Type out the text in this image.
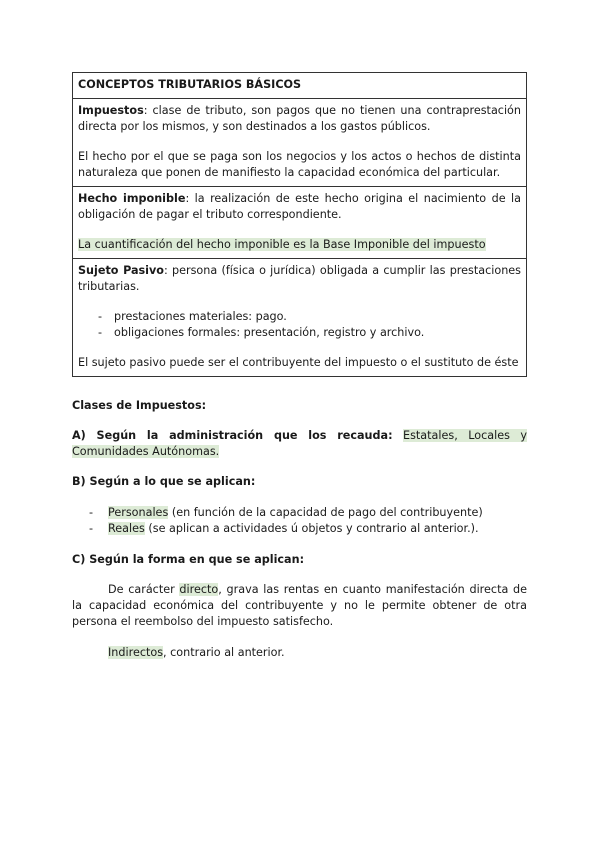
CONCEPTOS TRIBUTARIOS BÁSICOS
Impuestos: clase de tributo, son pagos que no tienen una contraprestación directa por los mismos, y son destinados a los gastos públicos.
El hecho por el que se paga son los negocios y los actos o hechos de distinta naturaleza que ponen de manifiesto la capacidad económica del particular.
Hecho imponible: la realización de este hecho origina el nacimiento de la obligación de pagar el tributo correspondiente.
La cuantificación del hecho imponible es la Base Imponible del impuesto
Sujeto Pasivo: persona (física o jurídica) obligada a cumplir las prestaciones tributarias.
- prestaciones materiales: pago.
- obligaciones formales: presentación, registro y archivo.
El sujeto pasivo puede ser el contribuyente del impuesto o el sustituto de éste
Clases de Impuestos:
A) Según la administración que los recauda: Estatales, Locales y Comunidades Autónomas.
B) Según a lo que se aplican:
- Personales (en función de la capacidad de pago del contribuyente)
- Reales (se aplican a actividades ú objetos y contrario al anterior.).
C) Según la forma en que se aplican:
De carácter directo, grava las rentas en cuanto manifestación directa de la capacidad económica del contribuyente y no le permite obtener de otra persona el reembolso del impuesto satisfecho.
Indirectos, contrario al anterior.
